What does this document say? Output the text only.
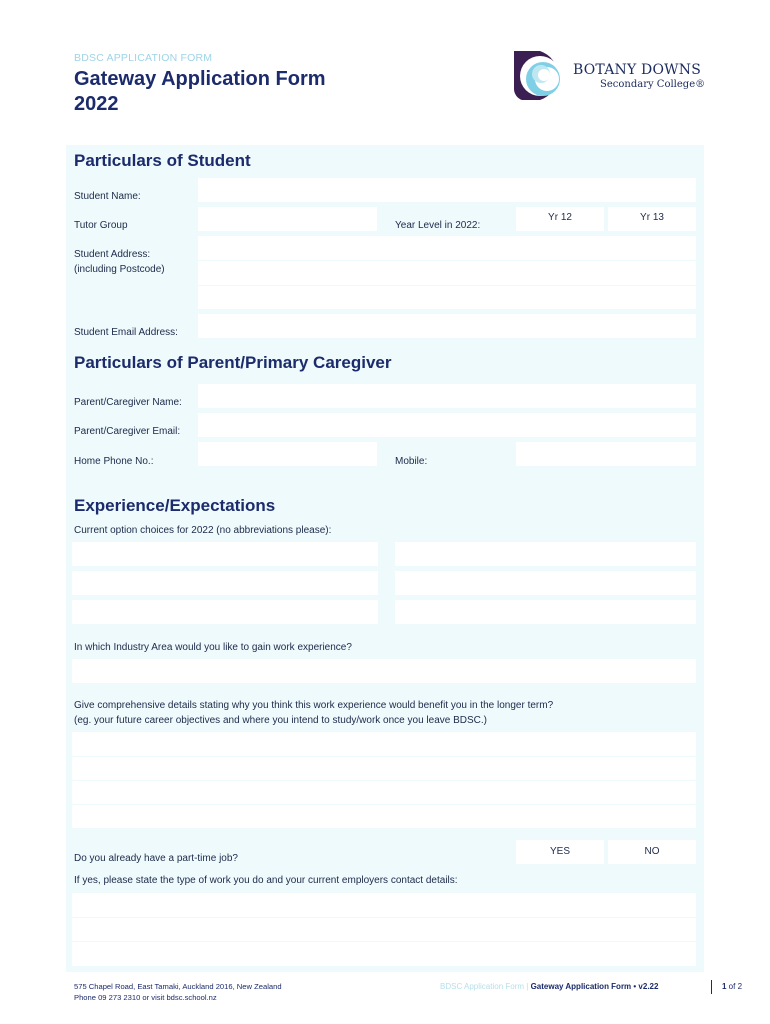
BDSC APPLICATION FORM
Gateway Application Form
2022
BOTANY DOWNS
Secondary College®
Particulars of Student
Student Name:
Tutor Group	Year Level in 2022:
Yr 12	Yr 13
Student Address:
(including Postcode)
Student Email Address:
Particulars of Parent/Primary Caregiver
Parent/Caregiver Name:
Parent/Caregiver Email:
Home Phone No.:	Mobile:
Experience/Expectations
Current option choices for 2022 (no abbreviations please):
In which Industry Area would you like to gain work experience?
Give comprehensive details stating why you think this work experience would benefit you in the longer term?
(eg. your future career objectives and where you intend to study/work once you leave BDSC.)
Do you already have a part-time job?
YES	NO
If yes, please state the type of work you do and your current employers contact details:
575 Chapel Road, East Tamaki, Auckland 2016, New Zealand
Phone 09 273 2310 or visit bdsc.school.nz
BDSC Application Form | Gateway Application Form • v2.22	1 of 2
